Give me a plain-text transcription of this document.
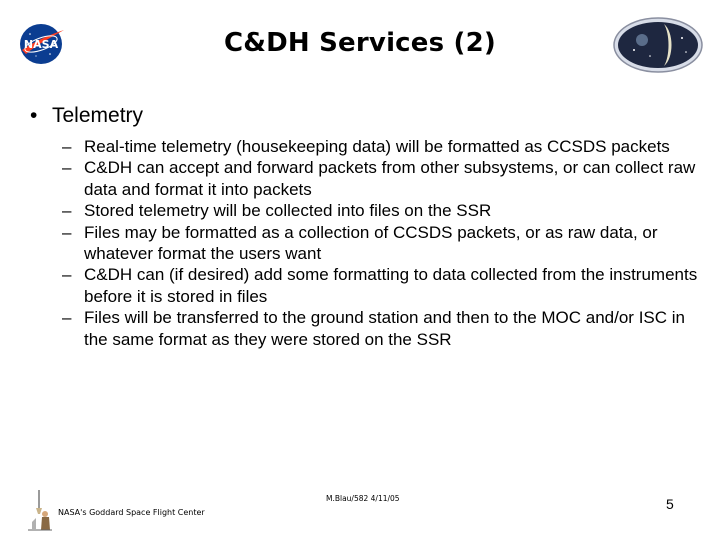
NASA	C&DH Services (2)
• Telemetry
– Real-time telemetry (housekeeping data) will be formatted as CCSDS packets
– C&DH can accept and forward packets from other subsystems, or can collect raw data and format it into packets
– Stored telemetry will be collected into files on the SSR
– Files may be formatted as a collection of CCSDS packets, or as raw data, or whatever format the users want
– C&DH can (if desired) add some formatting to data collected from the instruments before it is stored in files
– Files will be transferred to the ground station and then to the MOC and/or ISC in the same format as they were stored on the SSR
NASA's Goddard Space Flight Center
M.Blau/582 4/11/05	5
